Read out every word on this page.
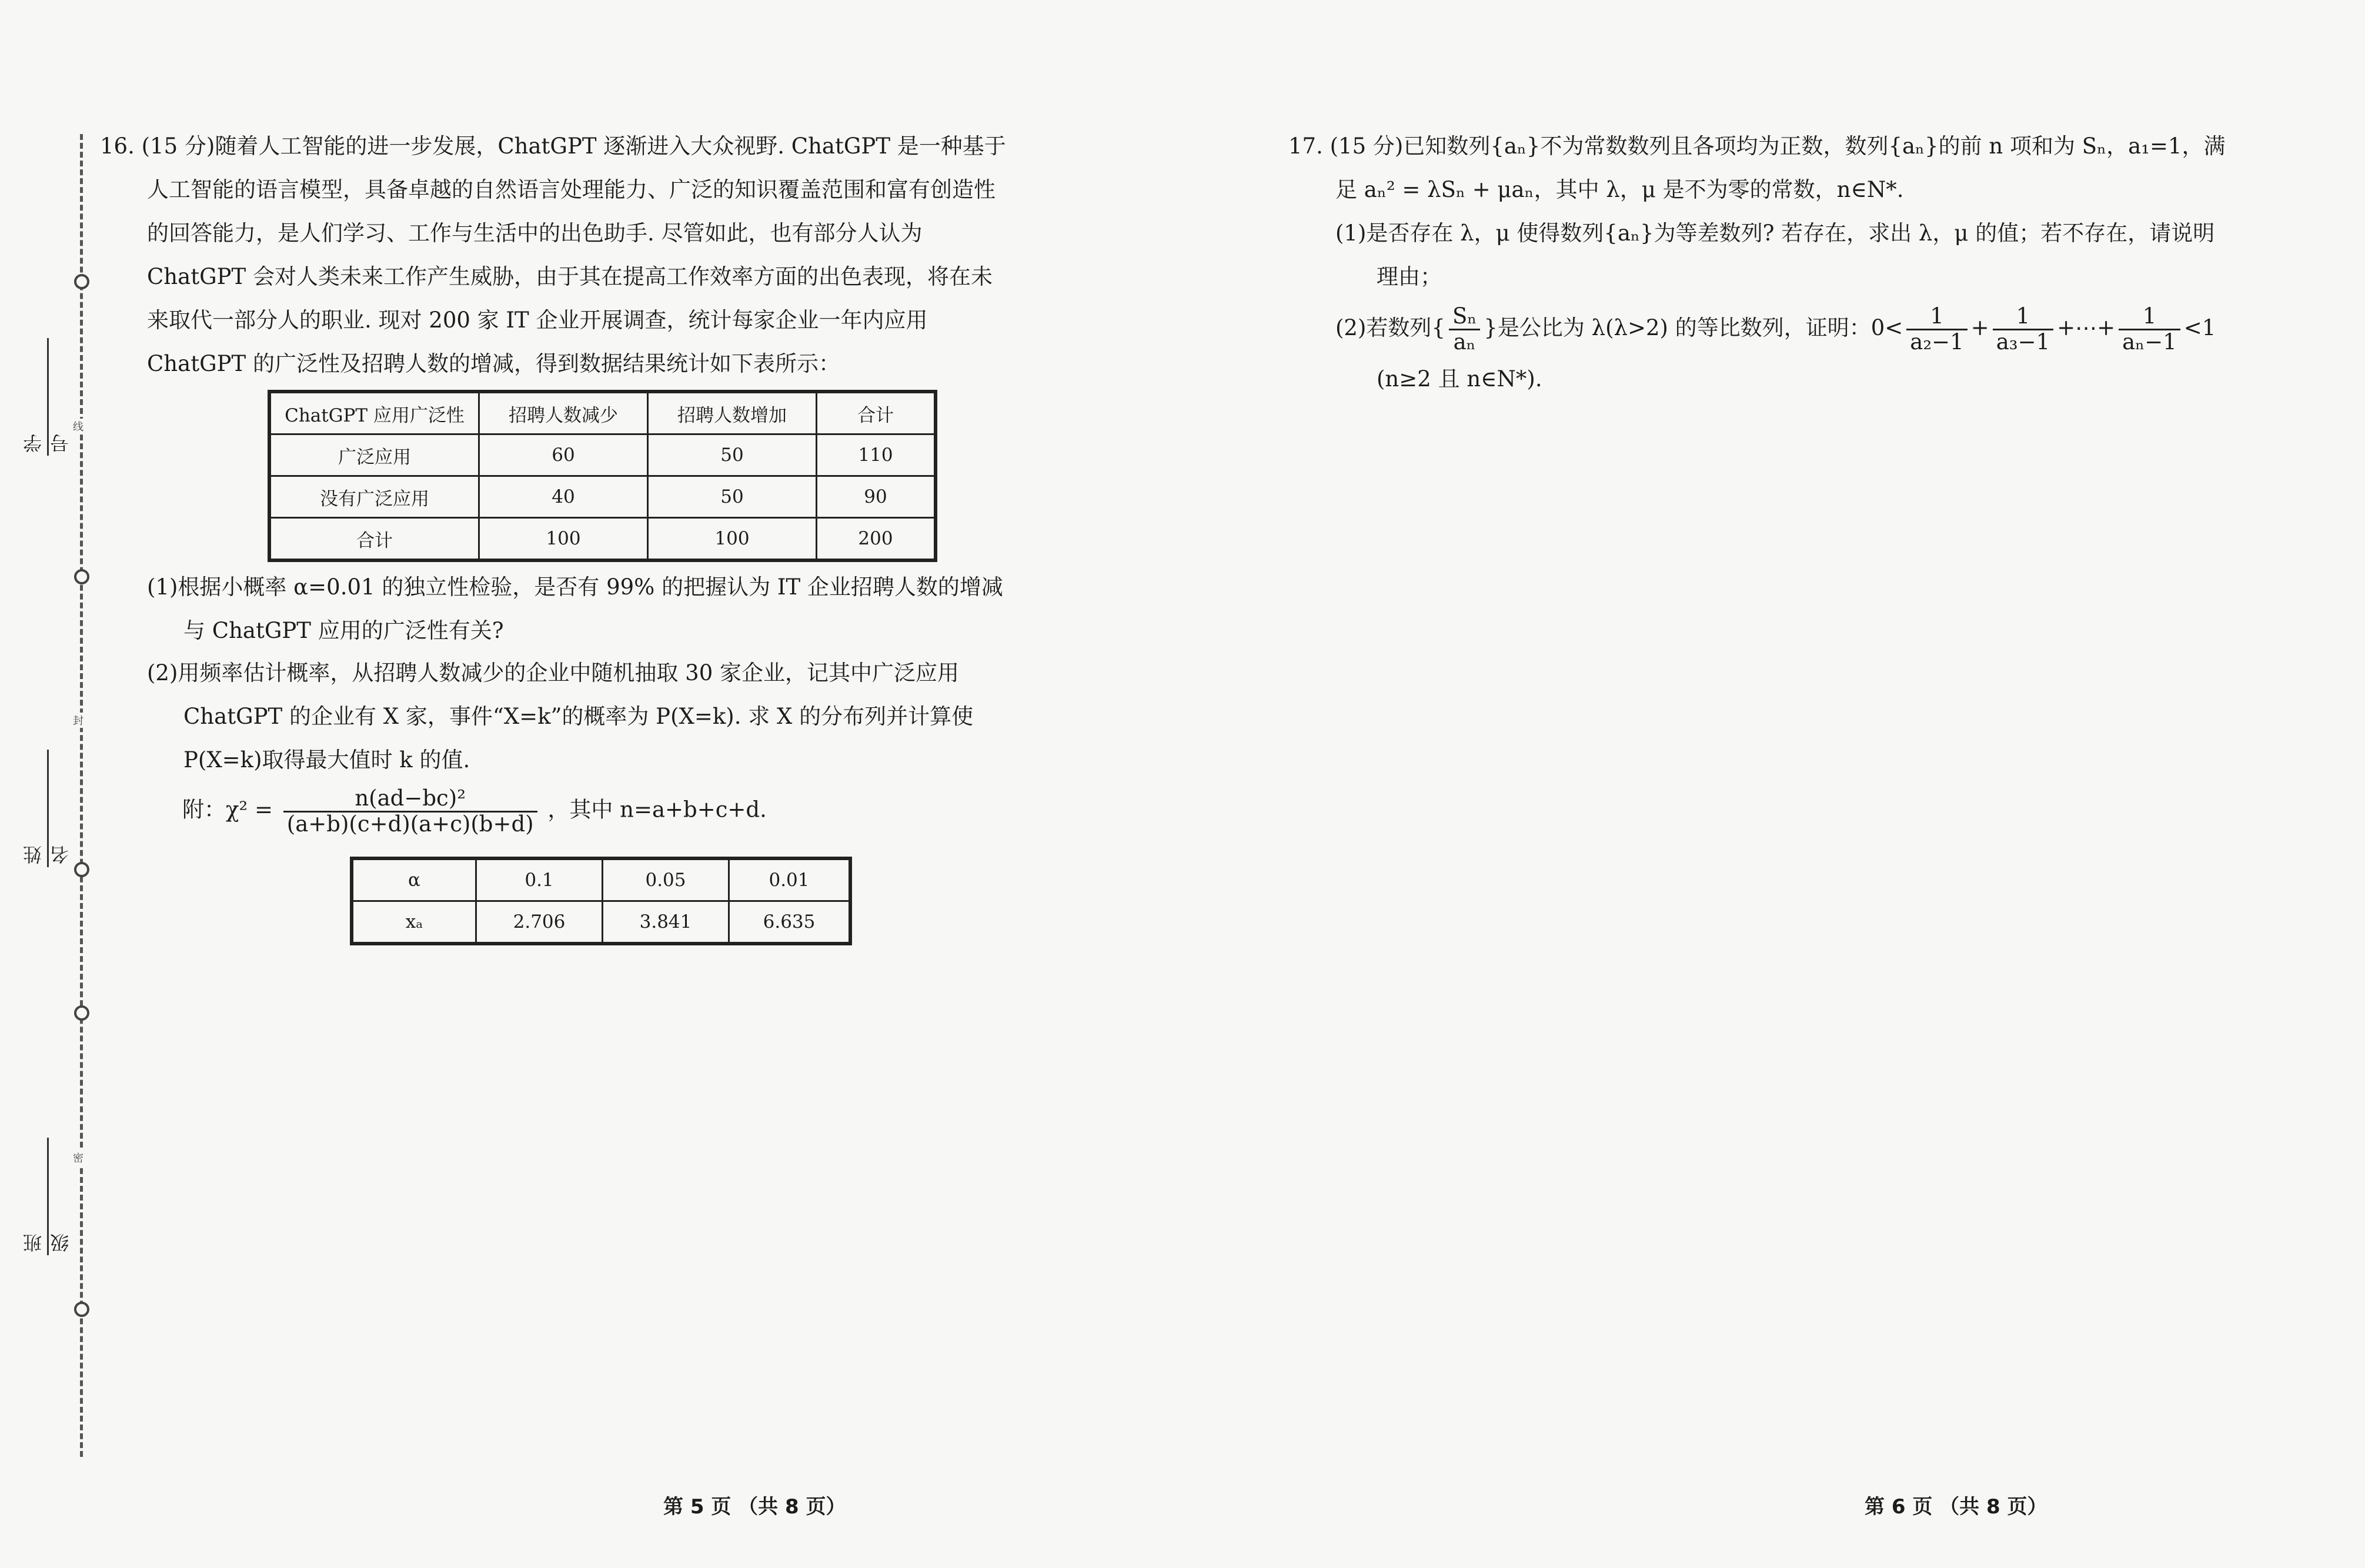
线
封
密
学号
姓名
班级

16. (15 分)随着人工智能的进一步发展，ChatGPT 逐渐进入大众视野. ChatGPT 是一种基于

人工智能的语言模型，具备卓越的自然语言处理能力、广泛的知识覆盖范围和富有创造性

的回答能力，是人们学习、工作与生活中的出色助手. 尽管如此，也有部分人认为

ChatGPT 会对人类未来工作产生威胁，由于其在提高工作效率方面的出色表现，将在未

来取代一部分人的职业. 现对 200 家 IT 企业开展调查，统计每家企业一年内应用

ChatGPT 的广泛性及招聘人数的增减，得到数据结果统计如下表所示：

ChatGPT 应用广泛性	招聘人数减少	招聘人数增加	合计
广泛应用	60	50	110
没有广泛应用	40	50	90
合计	100	100	200

(1)根据小概率 α=0.01 的独立性检验，是否有 99% 的把握认为 IT 企业招聘人数的增减

与 ChatGPT 应用的广泛性有关?

(2)用频率估计概率，从招聘人数减少的企业中随机抽取 30 家企业，记其中广泛应用

ChatGPT 的企业有 X 家，事件“X=k”的概率为 P(X=k). 求 X 的分布列并计算使

P(X=k)取得最大值时 k 的值.

附：$\chi^2 = \frac{\text{n(ad−bc)²}}{(a+b)(c+d)(a+c)(b+d)}$ ，其中 n=a+b+c+d.
α	0.1	0.05	0.01
xₐ	2.706	3.841	6.635
第 5 页 （共 8 页）

17. (15 分)已知数列{aₙ}不为常数数列且各项均为正数，数列{aₙ}的前 n 项和为 Sₙ，a₁=1，满

足 aₙ² = λSₙ + μaₙ，其中 λ，μ 是不为零的常数，n∈N*.

(1)是否存在 λ，μ 使得数列{aₙ}为等差数列? 若存在，求出 λ，μ 的值；若不存在，请说明

理由；

(2)若数列{ $\frac{\text{Sₙ}}{\text{aₙ}}$ }是公比为 λ(λ>2) 的等比数列，证明：$0< \frac{1}{\text{a₂−1}} + \frac{1}{\text{a₃−1}}$ +⋯+ $\frac{1}{\text{aₙ−1}} <1$

(n≥2 且 n∈N*).

第 6 页 （共 8 页）
